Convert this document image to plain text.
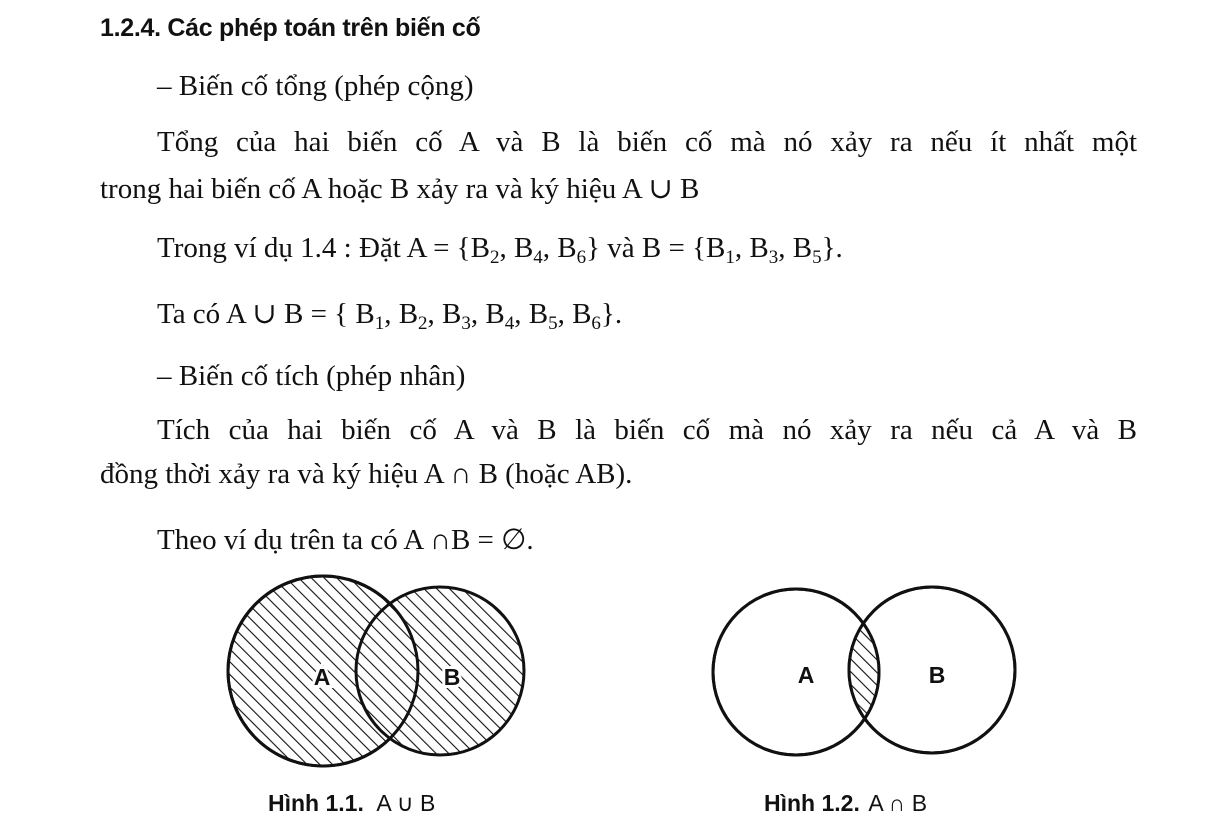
1.2.4. Các phép toán trên biến cố
– Biến cố tổng (phép cộng)
Tổng của hai biến cố A và B là biến cố mà nó xảy ra nếu ít nhất một
trong hai biến cố A hoặc B xảy ra và ký hiệu A ∪ B
Trong ví dụ 1.4 : Đặt $A = \{B_2$, $B_4$, $B_6$} và $B = \{B_1$, $B_3$, $B_5$}.
Ta có A ∪ B = { $B_1$, $B_2$, $B_3$, $B_4$, $B_5$, $B_6$}.
– Biến cố tích (phép nhân)
Tích của hai biến cố A và B là biến cố mà nó xảy ra nếu cả A và B
đồng thời xảy ra và ký hiệu A ∩ B (hoặc AB).
Theo ví dụ trên ta có A ∩B = ∅.
A	B	A	B
Hình 1.1. A ∪ B	Hình 1.2. A ∩ B
